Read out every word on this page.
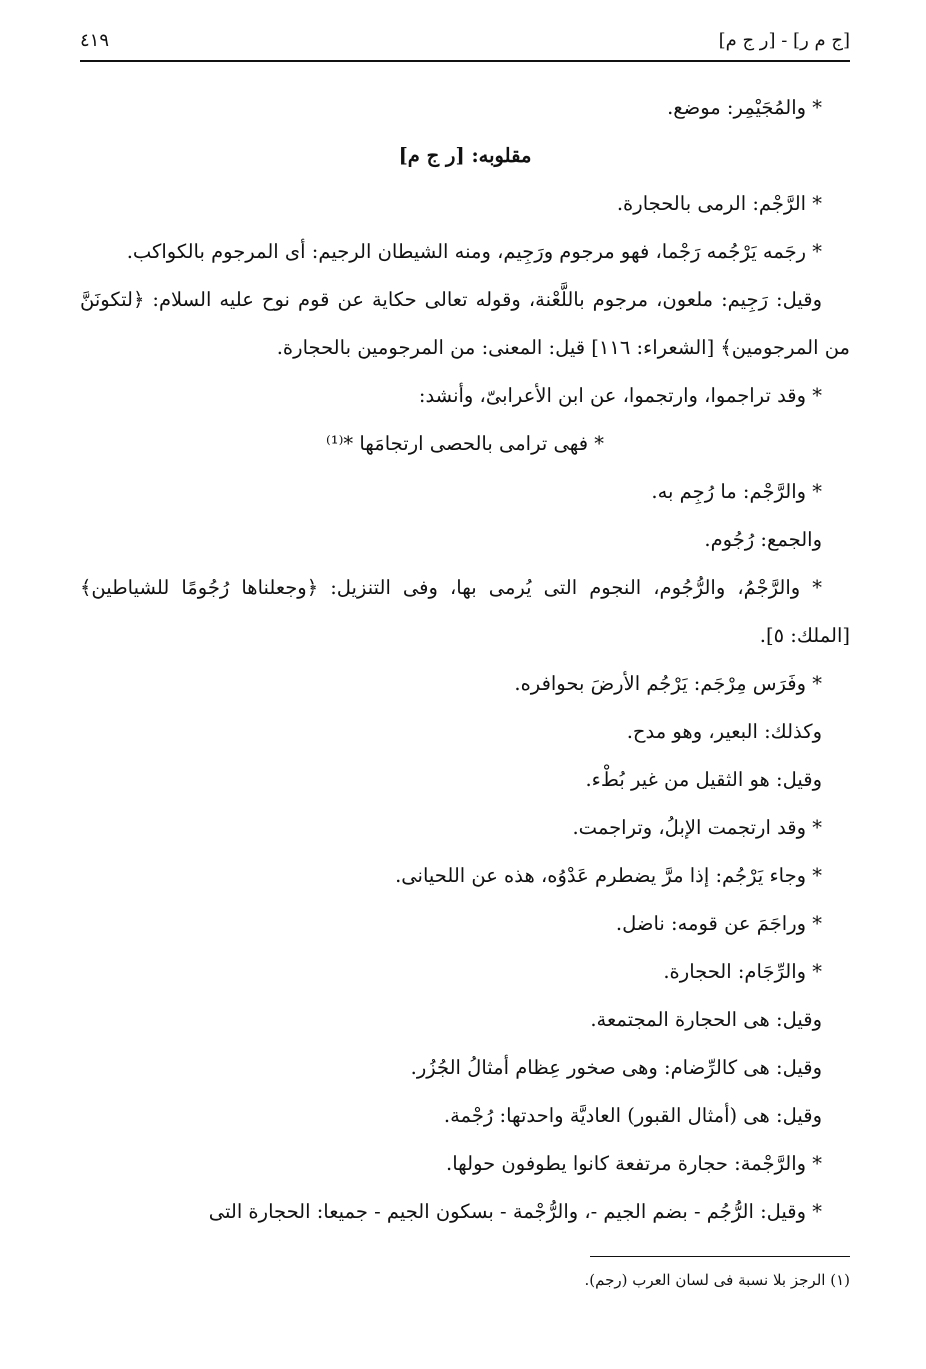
[ج م ر] - [ر ج م]
٤١٩

* والمُجَيْمِر: موضع.

مقلوبه: [ر ج م]

* الرَّجْم: الرمى بالحجارة.

* رجَمه يَرْجُمه رَجْما، فهو مرجوم ورَجِيم، ومنه الشيطان الرجيم: أى المرجوم بالكواكب.

وقيل: رَجِيم: ملعون، مرجوم باللَّعْنة، وقوله تعالى حكاية عن قوم نوح عليه السلام: ﴿لتكونَنَّ من المرجومين﴾ [الشعراء: ١١٦] قيل: المعنى: من المرجومين بالحجارة.

* وقد تراجموا، وارتجموا، عن ابن الأعرابىّ، وأنشد:

* فهى ترامى بالحصى ارتجامَها *⁽¹⁾

* والرَّجْم: ما رُجِم به.

والجمع: رُجُوم.

* والرَّجْمُ، والرُّجُوم، النجوم التى يُرمى بها، وفى التنزيل: ﴿وجعلناها رُجُومًا للشياطين﴾ [الملك: ٥].

* وفَرَس مِرْجَم: يَرْجُم الأرضَ بحوافره.

وكذلك: البعير، وهو مدح.

وقيل: هو الثقيل من غير بُطْء.

* وقد ارتجمت الإبلُ، وتراجمت.

* وجاء يَرْجُم: إذا مرَّ يضطرم عَدْوُه، هذه عن اللحيانى.

* وراجَمَ عن قومه: ناضل.

* والرِّجَام: الحجارة.

وقيل: هى الحجارة المجتمعة.

وقيل: هى كالرِّضام: وهى صخور عِظام أمثالُ الجُزُر.

وقيل: هى (أمثال القبور) العاديَّة واحدتها: رُجْمة.

* والرَّجْمة: حجارة مرتفعة كانوا يطوفون حولها.

* وقيل: الرُّجُم - بضم الجيم -، والرُّجْمة - بسكون الجيم - جميعا: الحجارة التى

(١) الرجز بلا نسبة فى لسان العرب (رجم).
